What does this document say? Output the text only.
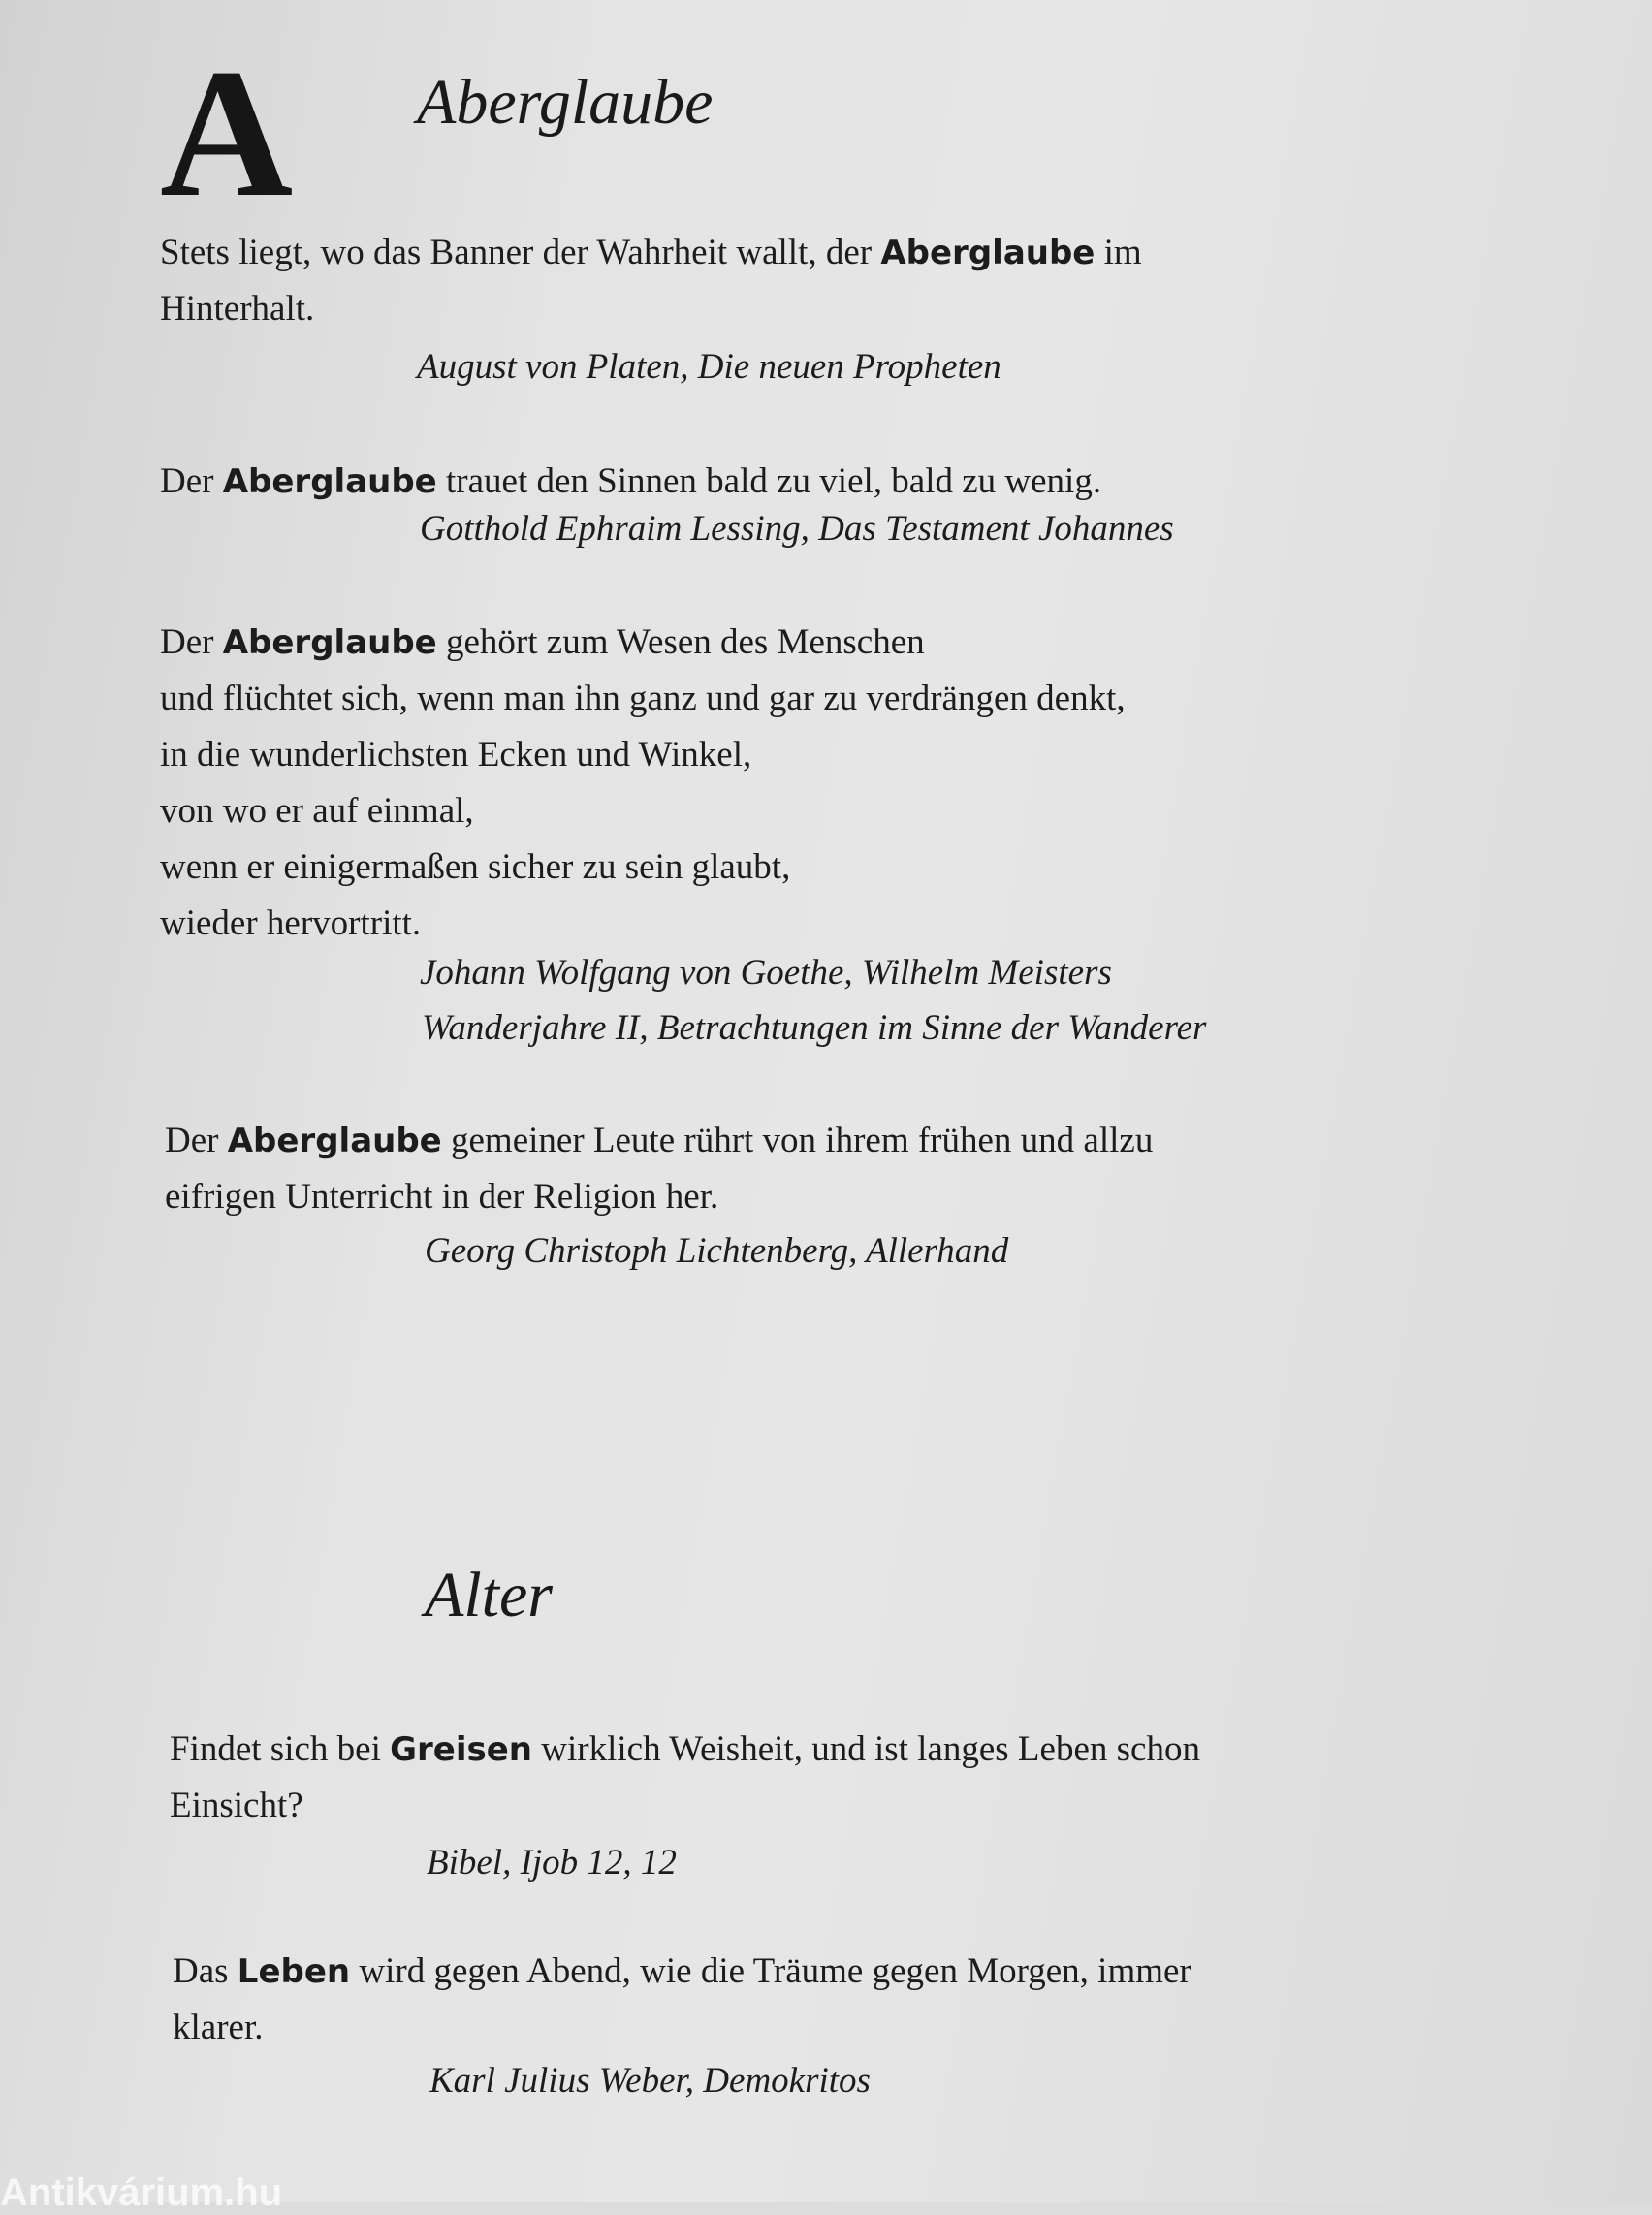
A Aberglaube

Stets liegt, wo das Banner der Wahrheit wallt, der Aberglaube im

Hinterhalt.

August von Platen, Die neuen Propheten

Der Aberglaube trauet den Sinnen bald zu viel, bald zu wenig.

Gotthold Ephraim Lessing, Das Testament Johannes

Der Aberglaube gehört zum Wesen des Menschen

und flüchtet sich, wenn man ihn ganz und gar zu verdrängen denkt,

in die wunderlichsten Ecken und Winkel,

von wo er auf einmal,

wenn er einigermaßen sicher zu sein glaubt,

wieder hervortritt.

Johann Wolfgang von Goethe, Wilhelm Meisters
Wanderjahre II, Betrachtungen im Sinne der Wanderer

Der Aberglaube gemeiner Leute rührt von ihrem frühen und allzu

eifrigen Unterricht in der Religion her.

Georg Christoph Lichtenberg, Allerhand
Alter

Findet sich bei Greisen wirklich Weisheit, und ist langes Leben schon

Einsicht?

Bibel, Ijob 12, 12

Das Leben wird gegen Abend, wie die Träume gegen Morgen, immer

klarer.

Karl Julius Weber, Demokritos
Antikvárium.hu
